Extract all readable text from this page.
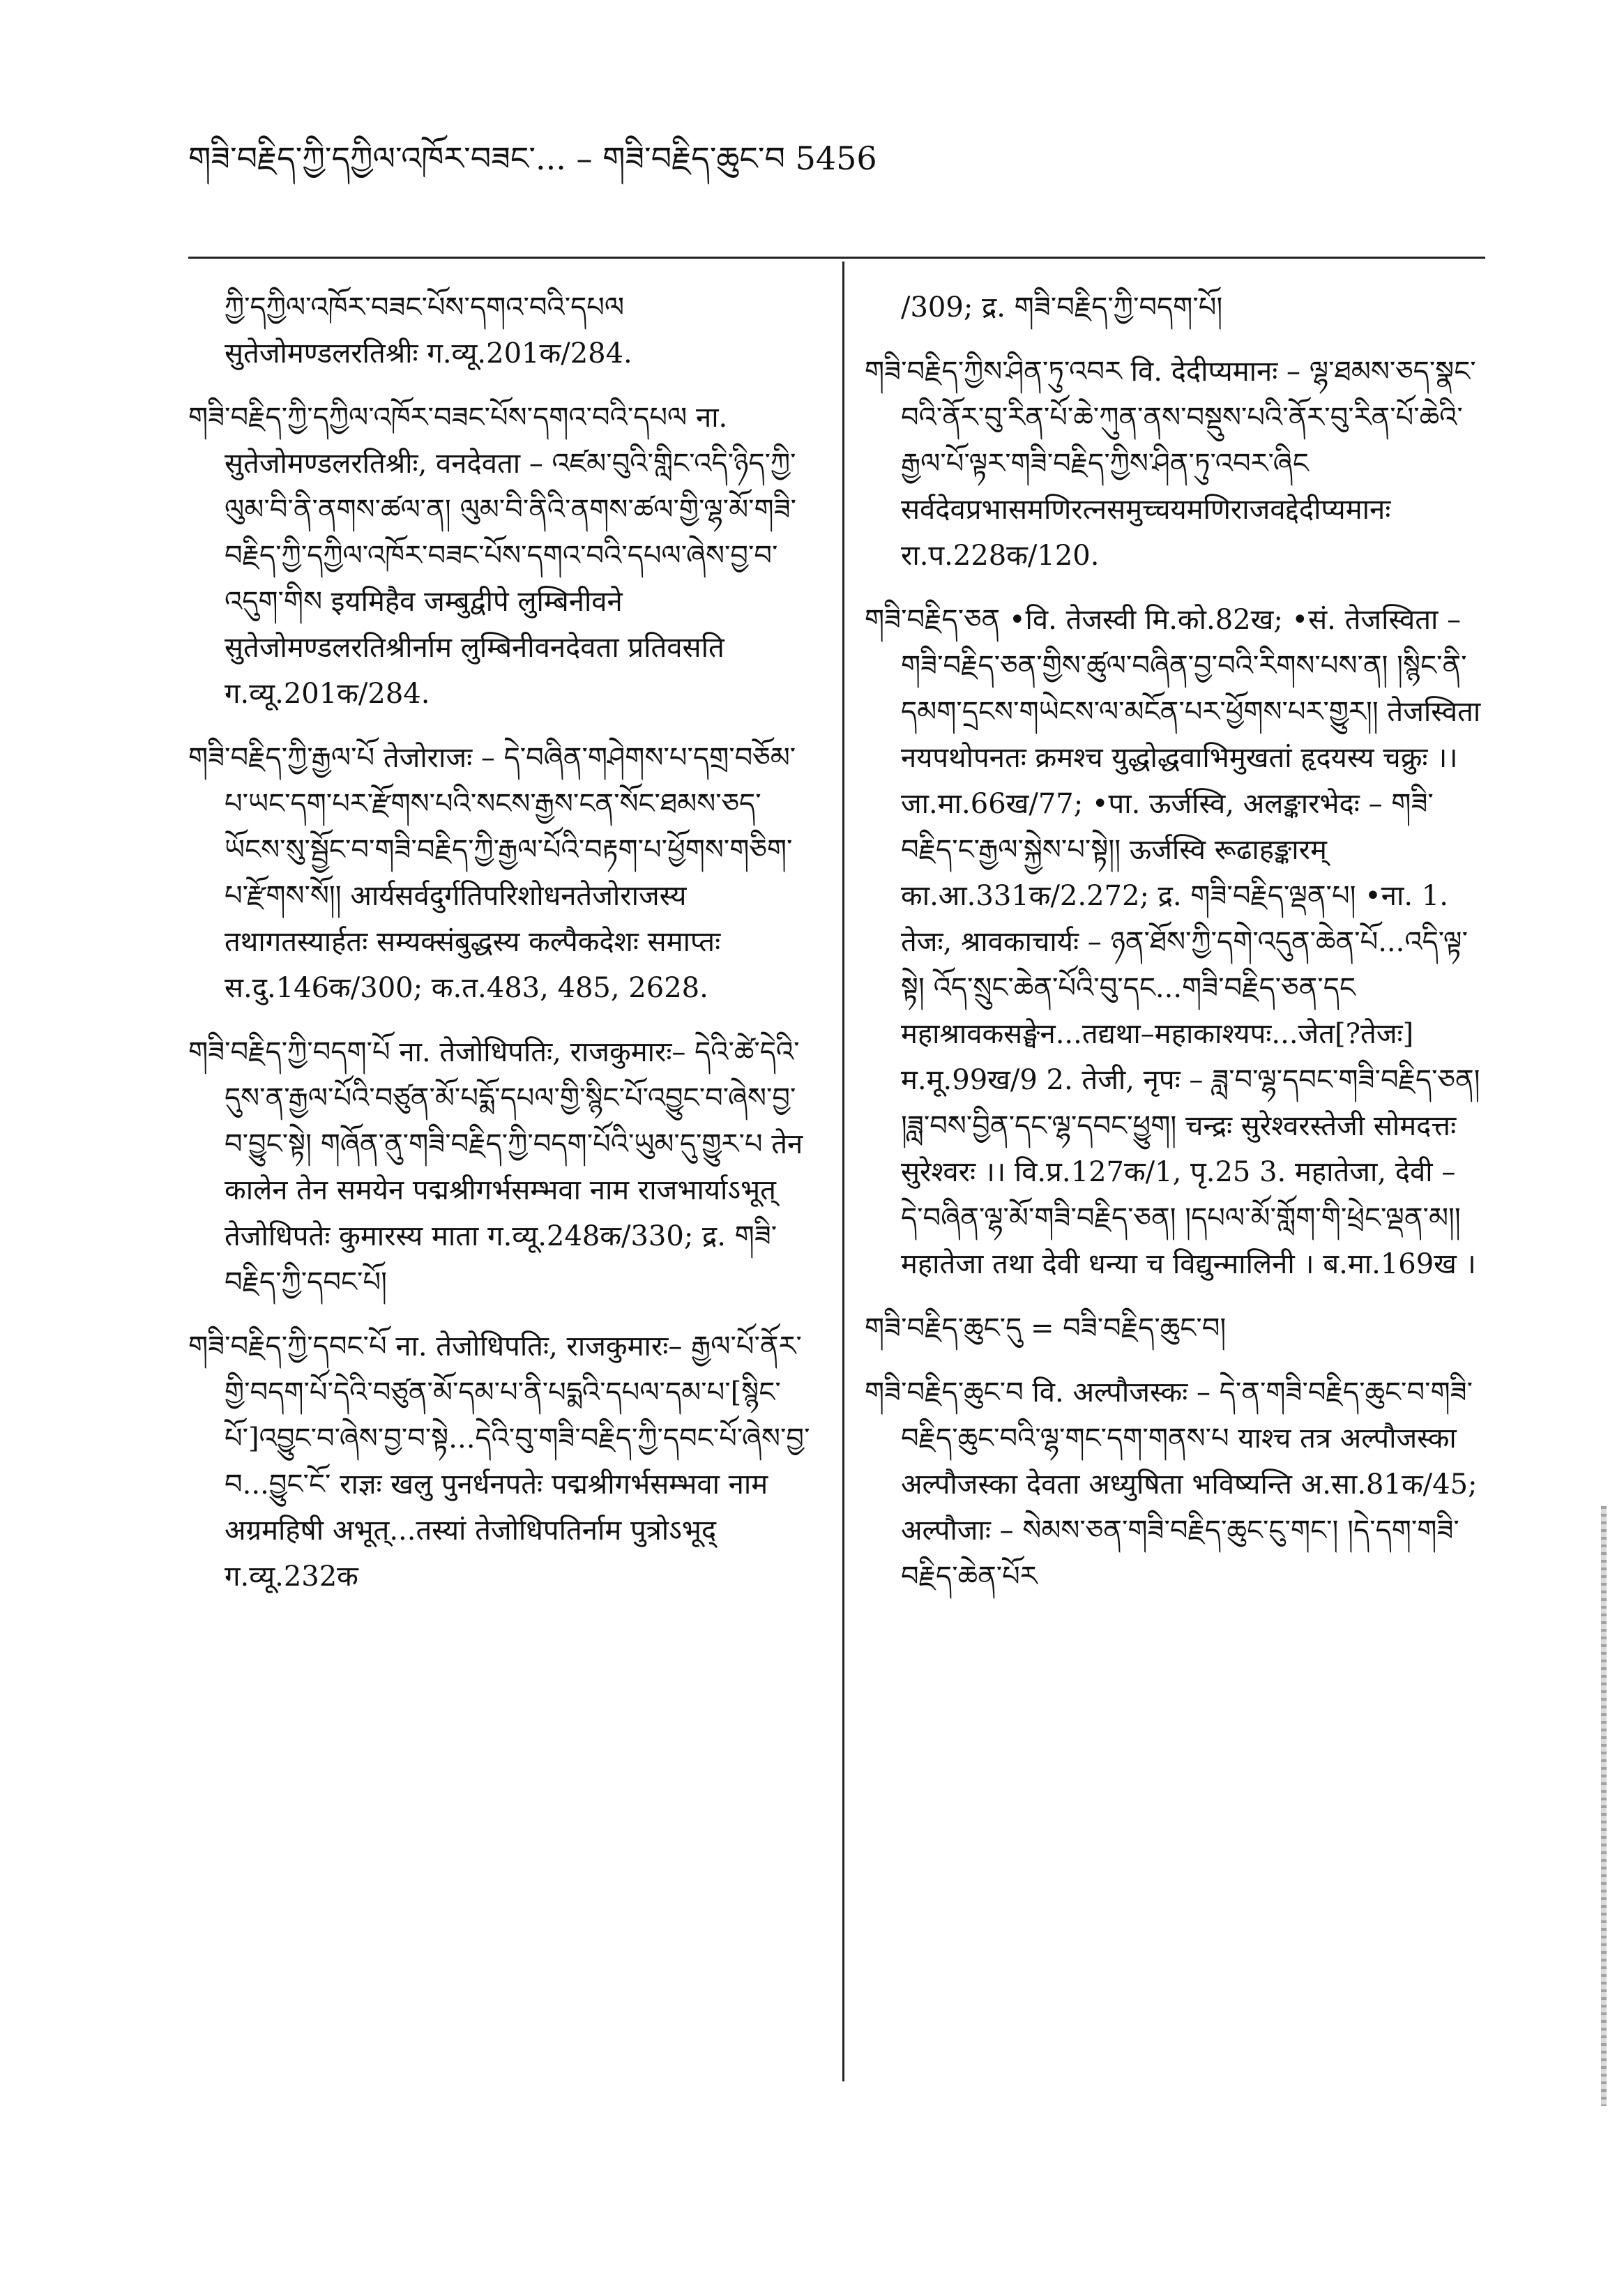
གཟི་བརྗིད་ཀྱི་དཀྱིལ་འཁོར་བཟང་... – གཟི་བརྗིད་ཆུང་བ 5456

ཀྱི་དཀྱིལ་འཁོར་བཟང་པོས་དགའ་བའི་དཔལ सुतेजोमण्डलरतिश्रीः ग.व्यू.201क/284.

གཟི་བརྗིད་ཀྱི་དཀྱིལ་འཁོར་བཟང་པོས་དགའ་བའི་དཔལ ना. सुतेजोमण्डलरतिश्रीः, वनदेवता – འཛམ་བུའི་གླིང་འདི་ཉིད་ཀྱི་ལུམ་བི་ནི་ནགས་ཚལ་ན། ལུམ་བི་ནིའི་ནགས་ཚལ་གྱི་ལྷ་མོ་གཟི་བརྗིད་ཀྱི་དཀྱིལ་འཁོར་བཟང་པོས་དགའ་བའི་དཔལ་ཞེས་བྱ་བ་འདུག་གིས इयमिहैव जम्बुद्वीपे लुम्बिनीवने सुतेजोमण्डलरतिश्रीर्नाम लुम्बिनीवनदेवता प्रतिवसति ग.व्यू.201क/284.

གཟི་བརྗིད་ཀྱི་རྒྱལ་པོ तेजोराजः – དེ་བཞིན་གཤེགས་པ་དགྲ་བཅོམ་པ་ཡང་དག་པར་རྫོགས་པའི་སངས་རྒྱས་ངན་སོང་ཐམས་ཅད་ཡོངས་སུ་སྦྱོང་བ་གཟི་བརྗིད་ཀྱི་རྒྱལ་པོའི་བརྟག་པ་ཕྱོགས་གཅིག་པ་རྫོགས་སོ།། आर्यसर्वदुर्गतिपरिशोधनतेजोराजस्य तथागतस्यार्हतः सम्यक्संबुद्धस्य कल्पैकदेशः समाप्तः स.दु.146क/300; क.त.483, 485, 2628.

གཟི་བརྗིད་ཀྱི་བདག་པོ ना. तेजोधिपतिः, राजकुमारः– དེའི་ཚེ་དེའི་དུས་ན་རྒྱལ་པོའི་བཙུན་མོ་པདྨོ་དཔལ་གྱི་སྙིང་པོ་འབྱུང་བ་ཞེས་བྱ་བ་བྱུང་སྟེ། གཞོན་ནུ་གཟི་བརྗིད་ཀྱི་བདག་པོའི་ཡུམ་དུ་གྱུར་པ तेन कालेन तेन समयेन पद्मश्रीगर्भसम्भवा नाम राजभार्याऽभूत् तेजोधिपतेः कुमारस्य माता ग.व्यू.248क/330; द्र. གཟི་བརྗིད་ཀྱི་དབང་པོ།

གཟི་བརྗིད་ཀྱི་དབང་པོ ना. तेजोधिपतिः, राजकुमारः– རྒྱལ་པོ་ནོར་གྱི་བདག་པོ་དེའི་བཙུན་མོ་དམ་པ་ནི་པདྨའི་དཔལ་དམ་པ་[སྙིང་པོ་]འབྱུང་བ་ཞེས་བྱ་བ་སྟེ...དེའི་བུ་གཟི་བརྗིད་ཀྱི་དབང་པོ་ཞེས་བྱ་བ...བྱུང་ངོ་ राज्ञः खलु पुनर्धनपतेः पद्मश्रीगर्भसम्भवा नाम अग्रमहिषी अभूत्...तस्यां तेजोधिपतिर्नाम पुत्रोऽभूद् ग.व्यू.232क

/309; द्र. གཟི་བརྗིད་ཀྱི་བདག་པོ།

གཟི་བརྗིད་ཀྱིས་ཤིན་ཏུ་འབར वि. देदीप्यमानः – ལྷ་ཐམས་ཅད་སྣང་བའི་ནོར་བུ་རིན་པོ་ཆེ་ཀུན་ནས་བསྡུས་པའི་ནོར་བུ་རིན་པོ་ཆེའི་རྒྱལ་པོ་ལྟར་གཟི་བརྗིད་ཀྱིས་ཤིན་ཏུ་འབར་ཞིང सर्वदेवप्रभासमणिरत्नसमुच्चयमणिराजवद्देदीप्यमानः रा.प.228क/120.

གཟི་བརྗིད་ཅན •वि. तेजस्वी मि.को.82ख; •सं. तेजस्विता – གཟི་བརྗིད་ཅན་གྱིས་ཚུལ་བཞིན་བྱ་བའི་རིགས་པས་ན། །སྙིང་ནི་དམག་དྲངས་གཡེངས་ལ་མངོན་པར་ཕྱོགས་པར་གྱུར།། तेजस्विता नयपथोपनतः क्रमश्च युद्धोद्धवाभिमुखतां हृदयस्य चक्रुः ।। जा.मा.66ख/77; •पा. ऊर्जस्वि, अलङ्कारभेदः – གཟི་བརྗིད་ང་རྒྱལ་སྐྱེས་པ་སྟེ།། ऊर्जस्वि रूढाहङ्कारम् का.आ.331क/2.272; द्र. གཟི་བརྗིད་ལྡན་པ། •ना. 1. तेजः, श्रावकाचार्यः – ཉན་ཐོས་ཀྱི་དགེ་འདུན་ཆེན་པོ...འདི་ལྟ་སྟེ། འོད་སྲུང་ཆེན་པོའི་བུ་དང...གཟི་བརྗིད་ཅན་དང महाश्रावकसङ्घेन...तद्यथा–महाकाश्यपः...जेत[?तेजः] म.मू.99ख/9 2. तेजी, नृपः – ཟླ་བ་ལྷ་དབང་གཟི་བརྗིད་ཅན། །ཟླ་བས་བྱིན་དང་ལྷ་དབང་ཕྱུག། चन्द्रः सुरेश्वरस्तेजी सोमदत्तः सुरेश्वरः ।। वि.प्र.127क/1, पृ.25 3. महातेजा, देवी – དེ་བཞིན་ལྷ་མོ་གཟི་བརྗིད་ཅན། །དཔལ་མོ་གློག་གི་ཕྲེང་ལྡན་མ།། महातेजा तथा देवी धन्या च विद्युन्मालिनी । ब.मा.169ख ।

གཟི་བརྗིད་ཆུང་དུ = བཟི་བརྗིད་ཆུང་བ།

གཟི་བརྗིད་ཆུང་བ वि. अल्पौजस्कः – དེ་ན་གཟི་བརྗིད་ཆུང་བ་གཟི་བརྗིད་ཆུང་བའི་ལྷ་གང་དག་གནས་པ याश्च तत्र अल्पौजस्का अल्पौजस्का देवता अध्युषिता भविष्यन्ति अ.सा.81क/45; अल्पौजाः – སེམས་ཅན་གཟི་བརྗིད་ཆུང་ངུ་གང་། །དེ་དག་གཟི་བརྗིད་ཆེན་པོར
